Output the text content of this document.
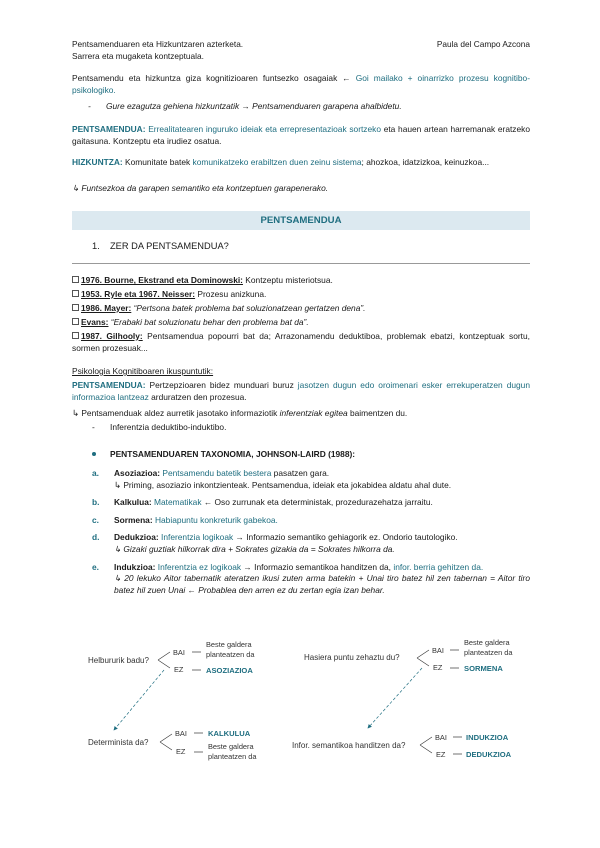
Pentsamenduaren eta Hizkuntzaren azterketa.
Sarrera eta mugaketa kontzeptuala.
Paula del Campo Azcona
Pentsamendu eta hizkuntza giza kognitizioaren funtsezko osagaiak ← Goi mailako + oinarrizko prozesu kognitibo-psikologiko.
- Gure ezagutza gehiena hizkuntzatik → Pentsamenduaren garapena ahalbidetu.
PENTSAMENDUA: Errealitatearen inguruko ideiak eta errepresentazioak sortzeko eta hauen artean harremanak eratzeko gaitasuna. Kontzeptu eta irudiez osatua.
HIZKUNTZA: Komunitate batek komunikatzeko erabiltzen duen zeinu sistema; ahozkoa, idatzizkoa, keinuzkoa...
↳ Funtsezkoa da garapen semantiko eta kontzeptuen garapenerako.
PENTSAMENDUA
1. ZER DA PENTSAMENDUA?
1976. Bourne, Ekstrand eta Dominowski: Kontzeptu misteriotsua.
1953. Ryle eta 1967. Neisser: Prozesu anizkuna.
1986. Mayer: “Pertsona batek problema bat soluzionatzean gertatzen dena”.
Evans: “Erabaki bat soluzionatu behar den problema bat da”.
1987. Gilhooly: Pentsamendua popourri bat da; Arrazonamendu deduktiboa, problemak ebatzi, kontzeptuak sortu, sormen prozesuak...
Psikologia Kognitiboaren ikuspuntutik:
PENTSAMENDUA: Pertzepzioaren bidez munduari buruz jasotzen dugun edo oroimenari esker errekuperatzen dugun informazioa lantzeaz arduratzen den prozesua.
↳ Pentsamenduak aldez aurretik jasotako informaziotik inferentziak egitea baimentzen du.
- Inferentzia deduktibo-induktibo.
PENTSAMENDUAREN TAXONOMIA, JOHNSON-LAIRD (1988):
a. Asoziazioa: Pentsamendu batetik bestera pasatzen gara.
↳ Priming, asoziazio inkontzienteak. Pentsamendua, ideiak eta jokabidea aldatu ahal dute.
b. Kalkulua: Matematikak ← Oso zurrunak eta deterministak, prozedurazehatza jarraitu.
c. Sormena: Habiapuntu konkreturik gabekoa.
d. Dedukzioa: Inferentzia logikoak → Informazio semantiko gehiagorik ez. Ondorio tautologiko.
↳ Gizaki guztiak hilkorrak dira + Sokrates gizakia da = Sokrates hilkorra da.
e.	Indukzioa: Inferentzia ez logikoak → Informazio semantikoa handitzen da, infor. berria gehitzen da.
↳ 20 lekuko Aitor tabernatik ateratzen ikusi zuten arma batekin + Unai tiro batez hil zen tabernan = Aitor tiro batez hil zuen Unai ← Probablea den arren ez du zertan egia izan behar.
Helbururik badu?
BAI
EZ
Beste galdera
planteatzen da
ASOZIAZIOA
Hasiera puntu zehaztu du?
BAI
EZ
Beste galdera
planteatzen da
SORMENA
Determinista da?
BAI
EZ
KALKULUA
Beste galdera
planteatzen da
Infor. semantikoa handitzen da?
BAI
EZ
INDUKZIOA
DEDUKZIOA
